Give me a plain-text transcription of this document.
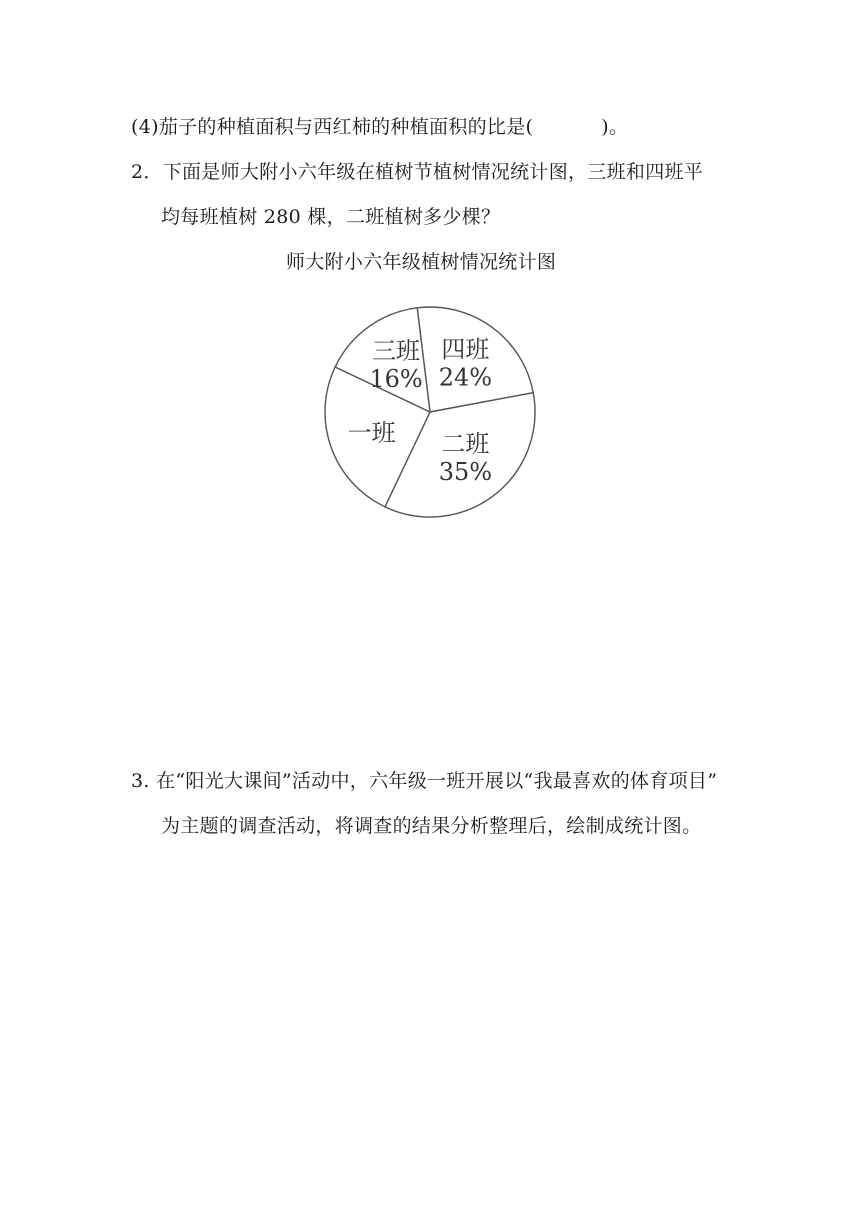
(4)茄子的种植面积与西红柿的种植面积的比是(	)。
2．下面是师大附小六年级在植树节植树情况统计图，三班和四班平
均每班植树 280 棵，二班植树多少棵？
师大附小六年级植树情况统计图
四班
24%
二班
35%
一班
三班
16%
3. 在“阳光大课间”活动中，六年级一班开展以“我最喜欢的体育项目”
为主题的调查活动，将调查的结果分析整理后，绘制成统计图。
